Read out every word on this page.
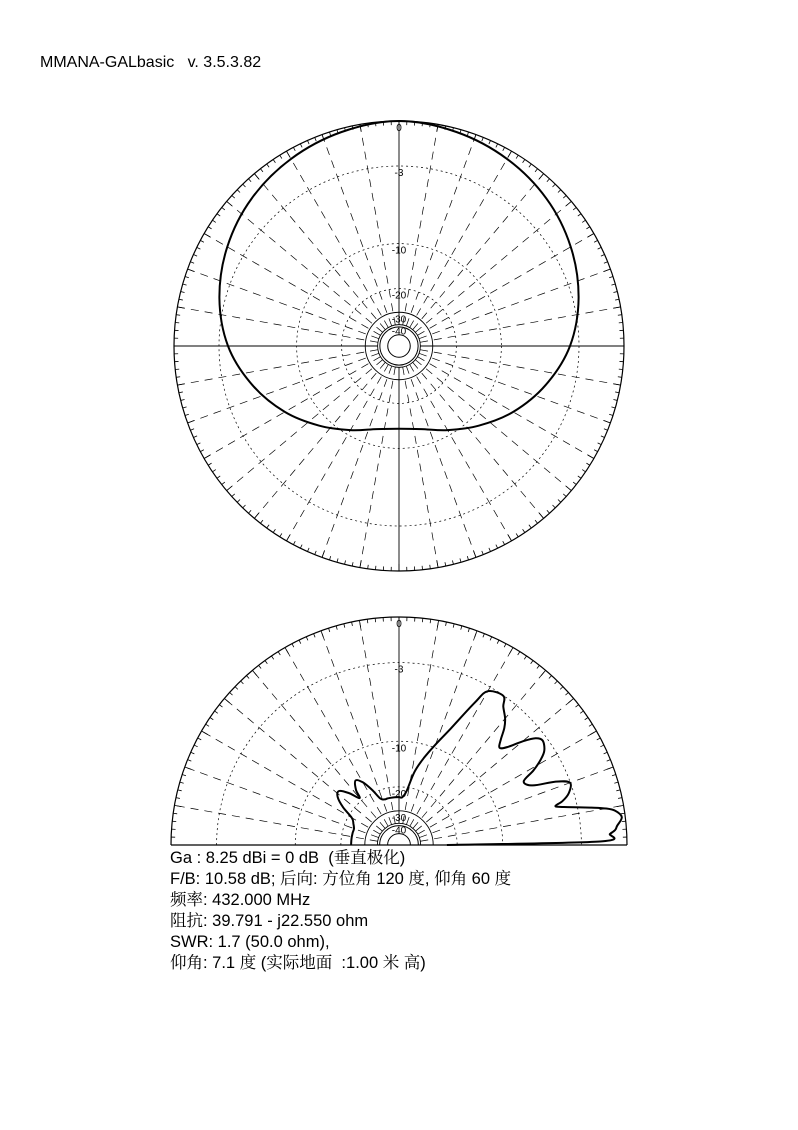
MMANA-GALbasic   v. 3.5.3.82
0
-3
-10
-20
-30
-40
0
-3
-10
-20
-30
-40
Ga : 8.25 dBi = 0 dB  (垂直极化)
F/B: 10.58 dB; 后向: 方位角 120 度, 仰角 60 度
频率: 432.000 MHz
阻抗: 39.791 - j22.550 ohm
SWR: 1.7 (50.0 ohm),
仰角: 7.1 度 (实际地面  :1.00 米 高)
